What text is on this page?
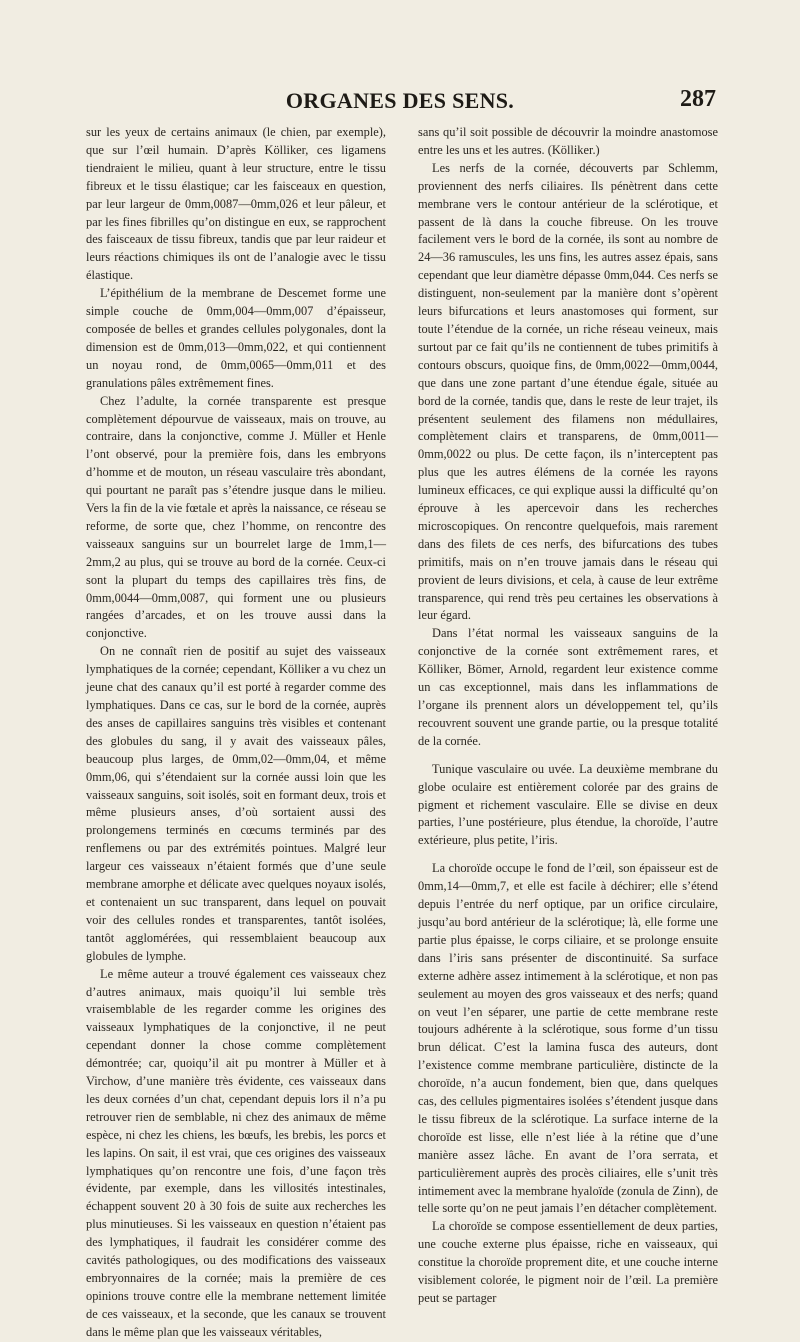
ORGANES DES SENS.	287

sur les yeux de certains animaux (le chien, par exemple), que sur l’œil humain. D’après Kölliker, ces ligamens tiendraient le milieu, quant à leur structure, entre le tissu fibreux et le tissu élastique; car les faisceaux en question, par leur largeur de 0mm,0087—0mm,026 et leur pâleur, et par les fines fibrilles qu’on distingue en eux, se rapprochent des faisceaux de tissu fibreux, tandis que par leur raideur et leurs réactions chimiques ils ont de l’analogie avec le tissu élastique.

L’épithélium de la membrane de Descemet forme une simple couche de 0mm,004—0mm,007 d’épaisseur, composée de belles et grandes cellules polygonales, dont la dimension est de 0mm,013—0mm,022, et qui contiennent un noyau rond, de 0mm,0065—0mm,011 et des granulations pâles extrêmement fines.

Chez l’adulte, la cornée transparente est presque complètement dépourvue de vaisseaux, mais on trouve, au contraire, dans la conjonctive, comme J. Müller et Henle l’ont observé, pour la première fois, dans les embryons d’homme et de mouton, un réseau vasculaire très abondant, qui pourtant ne paraît pas s’étendre jusque dans le milieu. Vers la fin de la vie fœtale et après la naissance, ce réseau se reforme, de sorte que, chez l’homme, on rencontre des vaisseaux sanguins sur un bourrelet large de 1mm,1—2mm,2 au plus, qui se trouve au bord de la cornée. Ceux-ci sont la plupart du temps des capillaires très fins, de 0mm,0044—0mm,0087, qui forment une ou plusieurs rangées d’arcades, et on les trouve aussi dans la conjonctive.

On ne connaît rien de positif au sujet des vaisseaux lymphatiques de la cornée; cependant, Kölliker a vu chez un jeune chat des canaux qu’il est porté à regarder comme des lymphatiques. Dans ce cas, sur le bord de la cornée, auprès des anses de capillaires sanguins très visibles et contenant des globules du sang, il y avait des vaisseaux pâles, beaucoup plus larges, de 0mm,02—0mm,04, et même 0mm,06, qui s’étendaient sur la cornée aussi loin que les vaisseaux sanguins, soit isolés, soit en formant deux, trois et même plusieurs anses, d’où sortaient aussi des prolongemens terminés en cœcums terminés par des renflemens ou par des extrémités pointues. Malgré leur largeur ces vaisseaux n’étaient formés que d’une seule membrane amorphe et délicate avec quelques noyaux isolés, et contenaient un suc transparent, dans lequel on pouvait voir des cellules rondes et transparentes, tantôt isolées, tantôt agglomérées, qui ressemblaient beaucoup aux globules de lymphe.

Le même auteur a trouvé également ces vaisseaux chez d’autres animaux, mais quoiqu’il lui semble très vraisemblable de les regarder comme les origines des vaisseaux lymphatiques de la conjonctive, il ne peut cependant donner la chose comme complètement démontrée; car, quoiqu’il ait pu montrer à Müller et à Virchow, d’une manière très évidente, ces vaisseaux dans les deux cornées d’un chat, cependant depuis lors il n’a pu retrouver rien de semblable, ni chez des animaux de même espèce, ni chez les chiens, les bœufs, les brebis, les porcs et les lapins. On sait, il est vrai, que ces origines des vaisseaux lymphatiques qu’on rencontre une fois, d’une façon très évidente, par exemple, dans les villosités intestinales, échappent souvent 20 à 30 fois de suite aux recherches les plus minutieuses. Si les vaisseaux en question n’étaient pas des lymphatiques, il faudrait les considérer comme des cavités pathologiques, ou des modifications des vaisseaux embryonnaires de la cornée; mais la première de ces opinions trouve contre elle la membrane nettement limitée de ces vaisseaux, et la seconde, que les canaux se trouvent dans le même plan que les vaisseaux véritables,

sans qu’il soit possible de découvrir la moindre anastomose entre les uns et les autres. (Kölliker.)

Les nerfs de la cornée, découverts par Schlemm, proviennent des nerfs ciliaires. Ils pénètrent dans cette membrane vers le contour antérieur de la sclérotique, et passent de là dans la couche fibreuse. On les trouve facilement vers le bord de la cornée, ils sont au nombre de 24—36 ramuscules, les uns fins, les autres assez épais, sans cependant que leur diamètre dépasse 0mm,044. Ces nerfs se distinguent, non-seulement par la manière dont s’opèrent leurs bifurcations et leurs anastomoses qui forment, sur toute l’étendue de la cornée, un riche réseau veineux, mais surtout par ce fait qu’ils ne contiennent de tubes primitifs à contours obscurs, quoique fins, de 0mm,0022—0mm,0044, que dans une zone partant d’une étendue égale, située au bord de la cornée, tandis que, dans le reste de leur trajet, ils présentent seulement des filamens non médullaires, complètement clairs et transparens, de 0mm,0011—0mm,0022 ou plus. De cette façon, ils n’interceptent pas plus que les autres élémens de la cornée les rayons lumineux efficaces, ce qui explique aussi la difficulté qu’on éprouve à les apercevoir dans les recherches microscopiques. On rencontre quelquefois, mais rarement dans des filets de ces nerfs, des bifurcations des tubes primitifs, mais on n’en trouve jamais dans le réseau qui provient de leurs divisions, et cela, à cause de leur extrême transparence, qui rend très peu certaines les observations à leur égard.

Dans l’état normal les vaisseaux sanguins de la conjonctive de la cornée sont extrêmement rares, et Kölliker, Bömer, Arnold, regardent leur existence comme un cas exceptionnel, mais dans les inflammations de l’organe ils prennent alors un développement tel, qu’ils recouvrent souvent une grande partie, ou la presque totalité de la cornée.

Tunique vasculaire ou uvée. La deuxième membrane du globe oculaire est entièrement colorée par des grains de pigment et richement vasculaire. Elle se divise en deux parties, l’une postérieure, plus étendue, la choroïde, l’autre extérieure, plus petite, l’iris.

La choroïde occupe le fond de l’œil, son épaisseur est de 0mm,14—0mm,7, et elle est facile à déchirer; elle s’étend depuis l’entrée du nerf optique, par un orifice circulaire, jusqu’au bord antérieur de la sclérotique; là, elle forme une partie plus épaisse, le corps ciliaire, et se prolonge ensuite dans l’iris sans présenter de discontinuité. Sa surface externe adhère assez intimement à la sclérotique, et non pas seulement au moyen des gros vaisseaux et des nerfs; quand on veut l’en séparer, une partie de cette membrane reste toujours adhérente à la sclérotique, sous forme d’un tissu brun délicat. C’est la lamina fusca des auteurs, dont l’existence comme membrane particulière, distincte de la choroïde, n’a aucun fondement, bien que, dans quelques cas, des cellules pigmentaires isolées s’étendent jusque dans le tissu fibreux de la sclérotique. La surface interne de la choroïde est lisse, elle n’est liée à la rétine que d’une manière assez lâche. En avant de l’ora serrata, et particulièrement auprès des procès ciliaires, elle s’unit très intimement avec la membrane hyaloïde (zonula de Zinn), de telle sorte qu’on ne peut jamais l’en détacher complètement.

La choroïde se compose essentiellement de deux parties, une couche externe plus épaisse, riche en vaisseaux, qui constitue la choroïde proprement dite, et une couche interne visiblement colorée, le pigment noir de l’œil. La première peut se partager
